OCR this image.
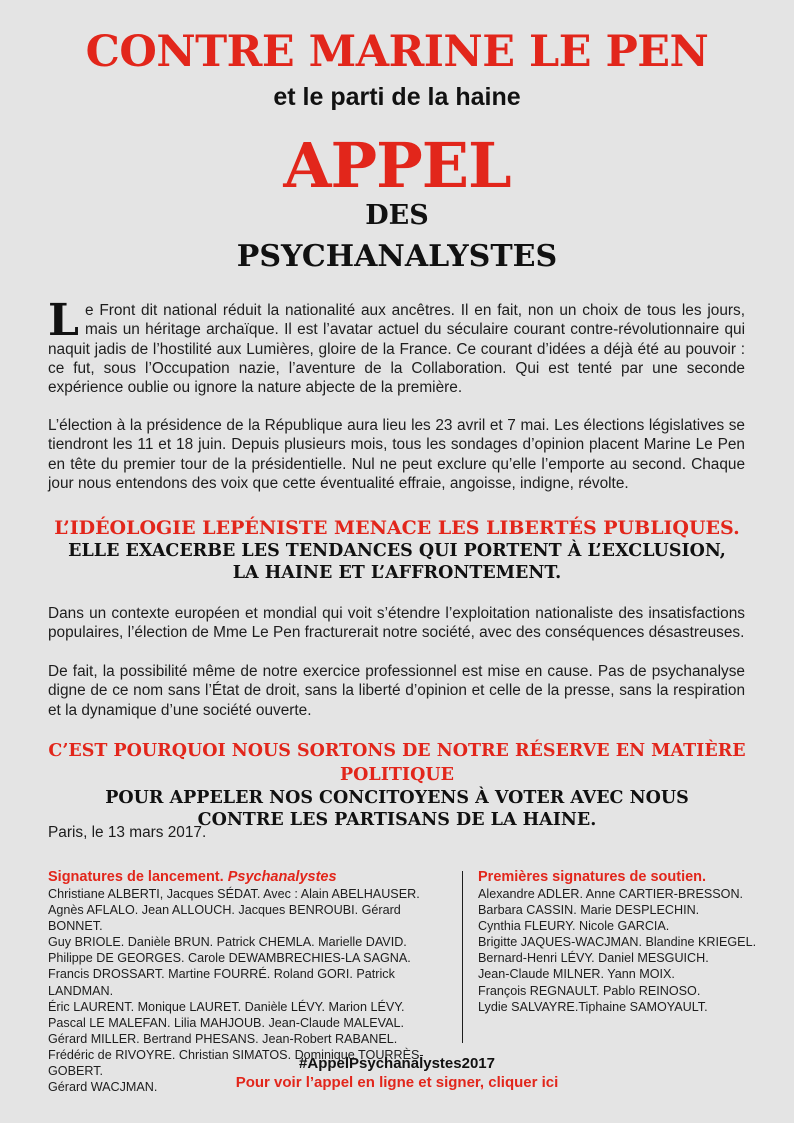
CONTRE MARINE LE PEN
et le parti de la haine
APPEL
DES
PSYCHANALYSTES
Le Front dit national réduit la nationalité aux ancêtres. Il en fait, non un choix de tous les jours, mais un héritage archaïque. Il est l’avatar actuel du séculaire courant contre-révolutionnaire qui naquit jadis de l’hostilité aux Lumières, gloire de la France. Ce courant d’idées a déjà été au pouvoir : ce fut, sous l’Occupation nazie, l’aventure de la Collaboration. Qui est tenté par une seconde expérience oublie ou ignore la nature abjecte de la première.
L’élection à la présidence de la République aura lieu les 23 avril et 7 mai. Les élections législatives se tiendront les 11 et 18 juin. Depuis plusieurs mois, tous les sondages d’opinion placent Marine Le Pen en tête du premier tour de la présidentielle. Nul ne peut exclure qu’elle l’emporte au second. Chaque jour nous entendons des voix que cette éventualité effraie, angoisse, indigne, révolte.
L’IDÉOLOGIE LEPÉNISTE MENACE LES LIBERTÉS PUBLIQUES.
ELLE EXACERBE LES TENDANCES QUI PORTENT À L’EXCLUSION,
LA HAINE ET L’AFFRONTEMENT.
Dans un contexte européen et mondial qui voit s’étendre l’exploitation nationaliste des insatisfactions populaires, l’élection de Mme Le Pen fracturerait notre société, avec des conséquences désastreuses.
De fait, la possibilité même de notre exercice professionnel est mise en cause. Pas de psychanalyse digne de ce nom sans l’État de droit, sans la liberté d’opinion et celle de la presse, sans la respiration et la dynamique d’une société ouverte.
C’EST POURQUOI NOUS SORTONS DE NOTRE RÉSERVE EN MATIÈRE POLITIQUE
POUR APPELER NOS CONCITOYENS À VOTER AVEC NOUS
CONTRE LES PARTISANS DE LA HAINE.
Paris, le 13 mars 2017.
Signatures de lancement. Psychanalystes
Christiane ALBERTI, Jacques SÉDAT. Avec : Alain ABELHAUSER.
Agnès AFLALO. Jean ALLOUCH. Jacques BENROUBI. Gérard BONNET.
Guy BRIOLE. Danièle BRUN. Patrick CHEMLA. Marielle DAVID.
Philippe DE GEORGES. Carole DEWAMBRECHIES-LA SAGNA.
Francis DROSSART. Martine FOURRÉ. Roland GORI. Patrick LANDMAN.
Éric LAURENT. Monique LAURET. Danièle LÉVY. Marion LÉVY.
Pascal LE MALEFAN. Lilia MAHJOUB. Jean-Claude MALEVAL.
Gérard MILLER. Bertrand PHESANS. Jean-Robert RABANEL.
Frédéric de RIVOYRE. Christian SIMATOS. Dominique TOURRÈS-GOBERT.
Gérard WACJMAN.
Premières signatures de soutien.
Alexandre ADLER. Anne CARTIER-BRESSON.
Barbara CASSIN. Marie DESPLECHIN.
Cynthia FLEURY. Nicole GARCIA.
Brigitte JAQUES-WACJMAN. Blandine KRIEGEL.
Bernard-Henri LÉVY. Daniel MESGUICH.
Jean-Claude MILNER. Yann MOIX.
François REGNAULT. Pablo REINOSO.
Lydie SALVAYRE.Tiphaine SAMOYAULT.
#AppelPsychanalystes2017
Pour voir l’appel en ligne et signer, cliquer ici
